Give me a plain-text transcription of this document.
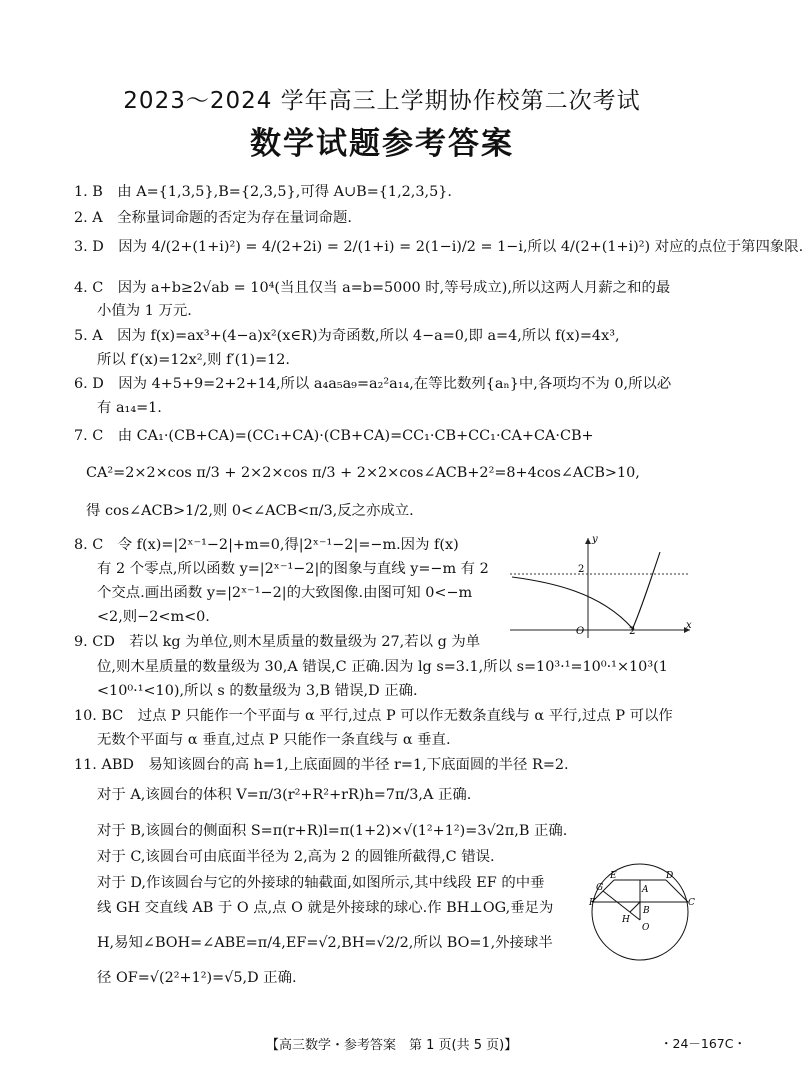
2023～2024 学年高三上学期协作校第二次考试
数学试题参考答案
1. B　由 A={1,3,5},B={2,3,5},可得 A∪B={1,2,3,5}.
2. A　全称量词命题的否定为存在量词命题.
3. D　因为 4/(2+(1+i)²) = 4/(2+2i) = 2/(1+i) = 2(1−i)/2 = 1−i,所以 4/(2+(1+i)²) 对应的点位于第四象限.
4. C　因为 a+b≥2√ab = 10⁴(当且仅当 a=b=5000 时,等号成立),所以这两人月薪之和的最
小值为 1 万元.
5. A　因为 f(x)=ax³+(4−a)x²(x∈R)为奇函数,所以 4−a=0,即 a=4,所以 f(x)=4x³,
所以 f′(x)=12x²,则 f′(1)=12.
6. D　因为 4+5+9=2+2+14,所以 a₄a₅a₉=a₂²a₁₄,在等比数列{aₙ}中,各项均不为 0,所以必
有 a₁₄=1.
7. C　由 CA₁·(CB+CA)=(CC₁+CA)·(CB+CA)=CC₁·CB+CC₁·CA+CA·CB+
CA²=2×2×cos π/3 + 2×2×cos π/3 + 2×2×cos∠ACB+2²=8+4cos∠ACB>10,
得 cos∠ACB>1/2,则 0<∠ACB<π/3,反之亦成立.
8. C　令 f(x)=|2ˣ⁻¹−2|+m=0,得|2ˣ⁻¹−2|=−m.因为 f(x)
有 2 个零点,所以函数 y=|2ˣ⁻¹−2|的图象与直线 y=−m 有 2
个交点.画出函数 y=|2ˣ⁻¹−2|的大致图像.由图可知 0<−m
<2,则−2<m<0.
9. CD　若以 kg 为单位,则木星质量的数量级为 27,若以 g 为单
位,则木星质量的数量级为 30,A 错误,C 正确.因为 lg s=3.1,所以 s=10³·¹=10⁰·¹×10³(1
<10⁰·¹<10),所以 s 的数量级为 3,B 错误,D 正确.
10. BC　过点 P 只能作一个平面与 α 平行,过点 P 可以作无数条直线与 α 平行,过点 P 可以作
无数个平面与 α 垂直,过点 P 只能作一条直线与 α 垂直.
11. ABD　易知该圆台的高 h=1,上底面圆的半径 r=1,下底面圆的半径 R=2.
对于 A,该圆台的体积 V=π/3(r²+R²+rR)h=7π/3,A 正确.
对于 B,该圆台的侧面积 S=π(r+R)l=π(1+2)×√(1²+1²)=3√2π,B 正确.
对于 C,该圆台可由底面半径为 2,高为 2 的圆锥所截得,C 错误.
对于 D,作该圆台与它的外接球的轴截面,如图所示,其中线段 EF 的中垂
线 GH 交直线 AB 于 O 点,点 O 就是外接球的球心.作 BH⊥OG,垂足为
H,易知∠BOH=∠ABE=π/4,EF=√2,BH=√2/2,所以 BO=1,外接球半
径 OF=√(2²+1²)=√5,D 正确.
y
x
O
2
2
E	D
G	A
F
B
C
H
O
【高三数学・参考答案　第 1 页(共 5 页)】	・24－167C・
